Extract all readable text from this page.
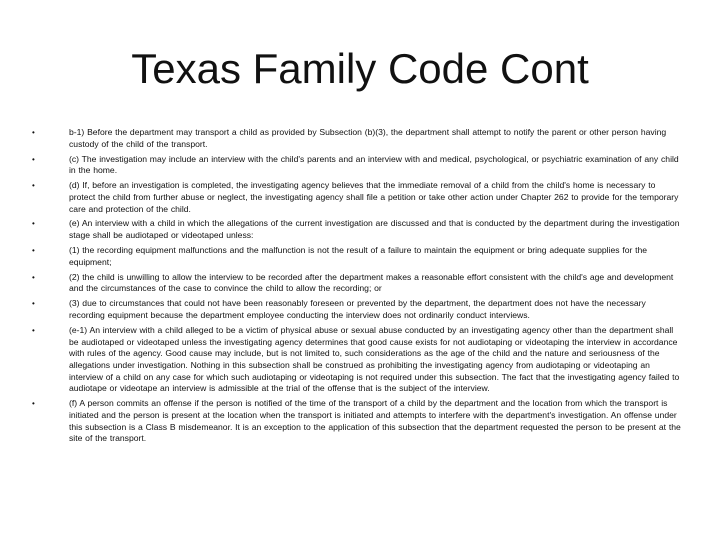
Texas Family Code Cont
•	b-1) Before the department may transport a child as provided by Subsection (b)(3), the department shall attempt to notify the parent or other person having custody of the child of the transport.
•	(c) The investigation may include an interview with the child's parents and an interview with and medical, psychological, or psychiatric examination of any child in the home.
•	(d) If, before an investigation is completed, the investigating agency believes that the immediate removal of a child from the child's home is necessary to protect the child from further abuse or neglect, the investigating agency shall file a petition or take other action under Chapter 262 to provide for the temporary care and protection of the child.
•	(e) An interview with a child in which the allegations of the current investigation are discussed and that is conducted by the department during the investigation stage shall be audiotaped or videotaped unless:
•	(1) the recording equipment malfunctions and the malfunction is not the result of a failure to maintain the equipment or bring adequate supplies for the equipment;
•	(2) the child is unwilling to allow the interview to be recorded after the department makes a reasonable effort consistent with the child's age and development and the circumstances of the case to convince the child to allow the recording; or
•	(3) due to circumstances that could not have been reasonably foreseen or prevented by the department, the department does not have the necessary recording equipment because the department employee conducting the interview does not ordinarily conduct interviews.
•	(e-1) An interview with a child alleged to be a victim of physical abuse or sexual abuse conducted by an investigating agency other than the department shall be audiotaped or videotaped unless the investigating agency determines that good cause exists for not audiotaping or videotaping the interview in accordance with rules of the agency. Good cause may include, but is not limited to, such considerations as the age of the child and the nature and seriousness of the allegations under investigation. Nothing in this subsection shall be construed as prohibiting the investigating agency from audiotaping or videotaping an interview of a child on any case for which such audiotaping or videotaping is not required under this subsection. The fact that the investigating agency failed to audiotape or videotape an interview is admissible at the trial of the offense that is the subject of the interview.
•	(f) A person commits an offense if the person is notified of the time of the transport of a child by the department and the location from which the transport is initiated and the person is present at the location when the transport is initiated and attempts to interfere with the department's investigation. An offense under this subsection is a Class B misdemeanor. It is an exception to the application of this subsection that the department requested the person to be present at the site of the transport.
